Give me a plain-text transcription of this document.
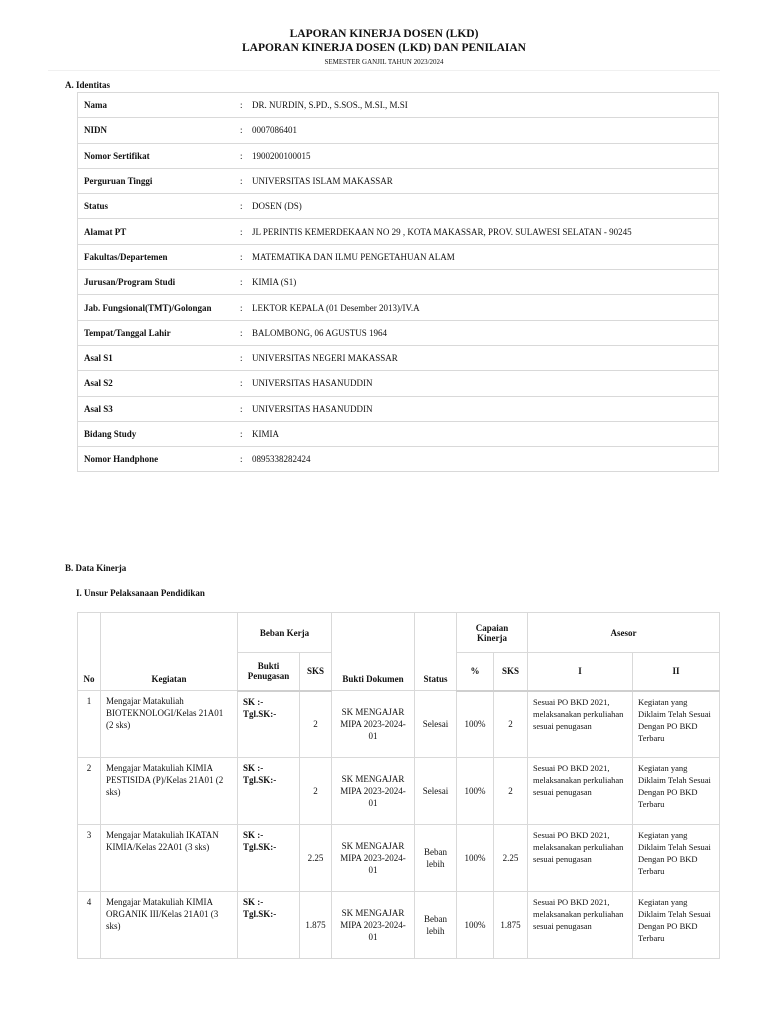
LAPORAN KINERJA DOSEN (LKD)
LAPORAN KINERJA DOSEN (LKD) DAN PENILAIAN
SEMESTER GANJIL TAHUN 2023/2024
A. Identitas
Nama	:	DR. NURDIN, S.PD., S.SOS., M.SI., M.SI
NIDN	:	0007086401
Nomor Sertifikat	:	1900200100015
Perguruan Tinggi	:	UNIVERSITAS ISLAM MAKASSAR
Status	:	DOSEN (DS)
Alamat PT	:	JL PERINTIS KEMERDEKAAN NO 29 , KOTA MAKASSAR, PROV. SULAWESI SELATAN - 90245
Fakultas/Departemen	:	MATEMATIKA DAN ILMU PENGETAHUAN ALAM
Jurusan/Program Studi	:	KIMIA (S1)
Jab. Fungsional(TMT)/Golongan	:	LEKTOR KEPALA (01 Desember 2013)/IV.A
Tempat/Tanggal Lahir	:	BALOMBONG, 06 AGUSTUS 1964
Asal S1	:	UNIVERSITAS NEGERI MAKASSAR
Asal S2	:	UNIVERSITAS HASANUDDIN
Asal S3	:	UNIVERSITAS HASANUDDIN
Bidang Study	:	KIMIA
Nomor Handphone	:	0895338282424
B. Data Kinerja
I. Unsur Pelaksanaan Pendidikan
No	Kegiatan	Beban Kerja		Bukti Dokumen	Status	Capaian Kinerja		Asesor	
		Bukti Penugasan	SKS			%	SKS	I	II
1	Mengajar Matakuliah BIOTEKNOLOGI/Kelas 21A01 (2 sks)	SK :-
Tgl.SK:-	2	SK MENGAJAR MIPA 2023-2024-01	Selesai	100%	2	Sesuai PO BKD 2021, melaksanakan perkuliahan sesuai penugasan	Kegiatan yang Diklaim Telah Sesuai Dengan PO BKD Terbaru
2	Mengajar Matakuliah KIMIA PESTISIDA (P)/Kelas 21A01 (2 sks)	SK :-
Tgl.SK:-	2	SK MENGAJAR MIPA 2023-2024-01	Selesai	100%	2	Sesuai PO BKD 2021, melaksanakan perkuliahan sesuai penugasan	Kegiatan yang Diklaim Telah Sesuai Dengan PO BKD Terbaru
3	Mengajar Matakuliah IKATAN KIMIA/Kelas 22A01 (3 sks)	SK :-
Tgl.SK:-	2.25	SK MENGAJAR MIPA 2023-2024-01	Beban lebih	100%	2.25	Sesuai PO BKD 2021, melaksanakan perkuliahan sesuai penugasan	Kegiatan yang Diklaim Telah Sesuai Dengan PO BKD Terbaru
4	Mengajar Matakuliah KIMIA ORGANIK III/Kelas 21A01 (3 sks)	SK :-
Tgl.SK:-	1.875	SK MENGAJAR MIPA 2023-2024-01	Beban lebih	100%	1.875	Sesuai PO BKD 2021, melaksanakan perkuliahan sesuai penugasan	Kegiatan yang Diklaim Telah Sesuai Dengan PO BKD Terbaru
